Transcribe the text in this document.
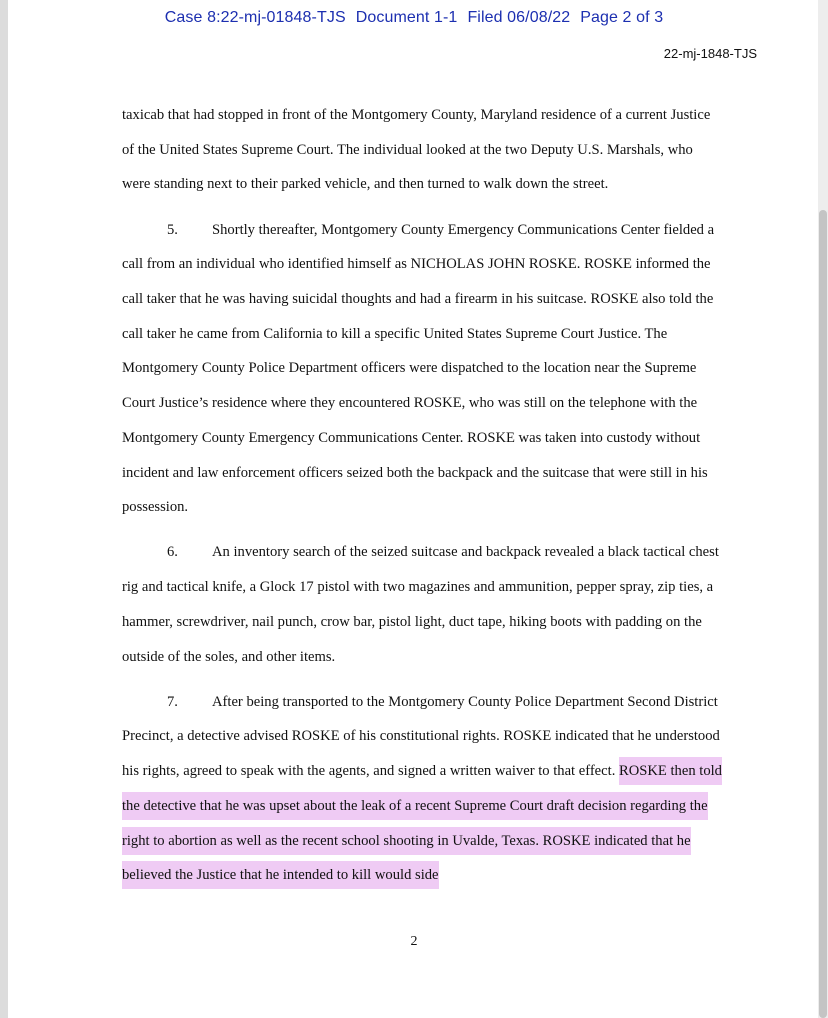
Case 8:22-mj-01848-TJS Document 1-1 Filed 06/08/22 Page 2 of 3
22-mj-1848-TJS

taxicab that had stopped in front of the Montgomery County, Maryland residence of a current Justice of the United States Supreme Court. The individual looked at the two Deputy U.S. Marshals, who were standing next to their parked vehicle, and then turned to walk down the street.

5. Shortly thereafter, Montgomery County Emergency Communications Center fielded a call from an individual who identified himself as NICHOLAS JOHN ROSKE. ROSKE informed the call taker that he was having suicidal thoughts and had a firearm in his suitcase. ROSKE also told the call taker he came from California to kill a specific United States Supreme Court Justice. The Montgomery County Police Department officers were dispatched to the location near the Supreme Court Justice’s residence where they encountered ROSKE, who was still on the telephone with the Montgomery County Emergency Communications Center. ROSKE was taken into custody without incident and law enforcement officers seized both the backpack and the suitcase that were still in his possession.

6. An inventory search of the seized suitcase and backpack revealed a black tactical chest rig and tactical knife, a Glock 17 pistol with two magazines and ammunition, pepper spray, zip ties, a hammer, screwdriver, nail punch, crow bar, pistol light, duct tape, hiking boots with padding on the outside of the soles, and other items.

7. After being transported to the Montgomery County Police Department Second District Precinct, a detective advised ROSKE of his constitutional rights. ROSKE indicated that he understood his rights, agreed to speak with the agents, and signed a written waiver to that effect. ROSKE then told the detective that he was upset about the leak of a recent Supreme Court draft decision regarding the right to abortion as well as the recent school shooting in Uvalde, Texas. ROSKE indicated that he believed the Justice that he intended to kill would side

2
